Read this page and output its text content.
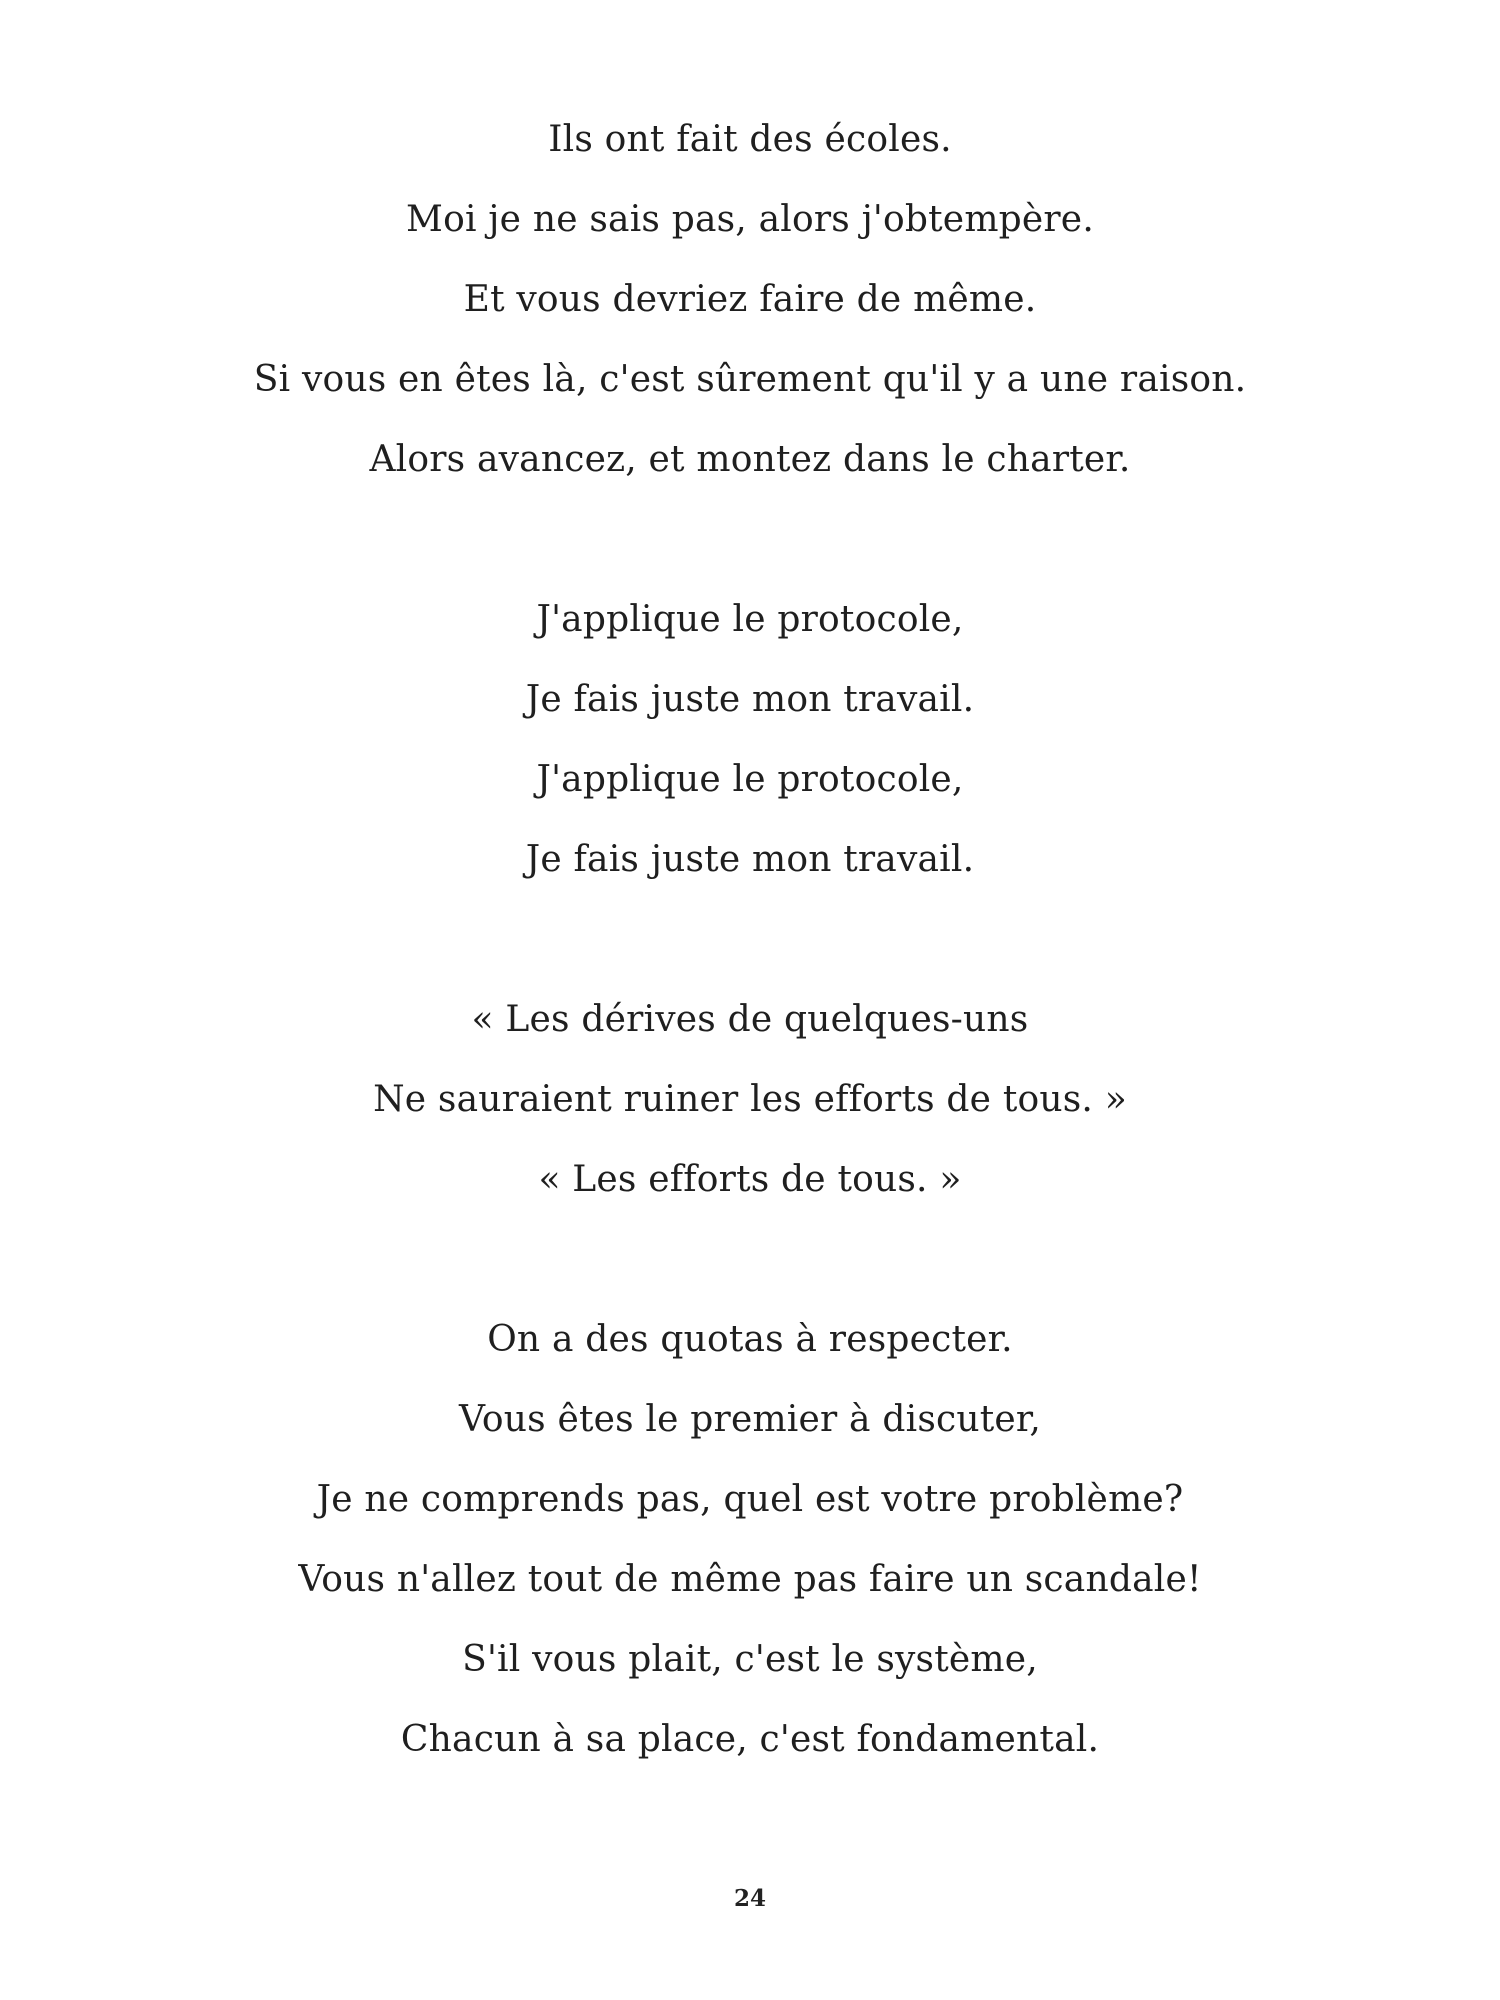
Ils ont fait des écoles.
Moi je ne sais pas, alors j'obtempère.
Et vous devriez faire de même.
Si vous en êtes là, c'est sûrement qu'il y a une raison.
Alors avancez, et montez dans le charter.
J'applique le protocole,
Je fais juste mon travail.
J'applique le protocole,
Je fais juste mon travail.
« Les dérives de quelques-uns
Ne sauraient ruiner les efforts de tous. »
« Les efforts de tous. »
On a des quotas à respecter.
Vous êtes le premier à discuter,
Je ne comprends pas, quel est votre problème?
Vous n'allez tout de même pas faire un scandale!
S'il vous plait, c'est le système,
Chacun à sa place, c'est fondamental.
24
